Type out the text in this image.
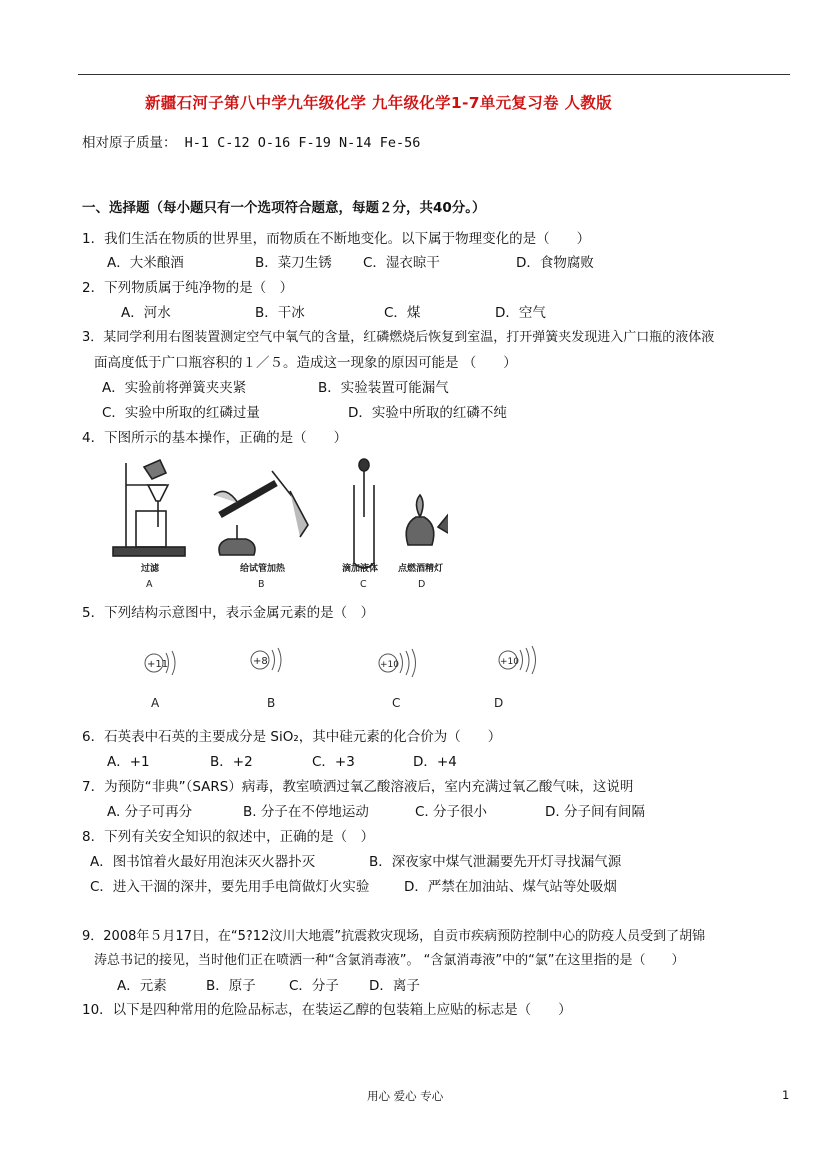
新疆石河子第八中学九年级化学 九年级化学1-7单元复习卷 人教版
相对原子质量： H-1 C-12 O-16 F-19 N-14 Fe-56
一、选择题（每小题只有一个选项符合题意，每题２分，共40分。）
1．我们生活在物质的世界里，而物质在不断地变化。以下属于物理变化的是（　　）
A．大米酿酒	B．菜刀生锈 C．湿衣晾干	D．食物腐败
2．下列物质属于纯净物的是（　）
A．河水	B．干冰	C．煤	D．空气
3．某同学利用右图装置测定空气中氧气的含量，红磷燃烧后恢复到室温，打开弹簧夹发现进入广口瓶的液体液
面高度低于广口瓶容积的１／５。造成这一现象的原因可能是 （　　）
A．实验前将弹簧夹夹紧	B．实验装置可能漏气
C．实验中所取的红磷过量	D．实验中所取的红磷不纯
4．下图所示的基本操作，正确的是（　　）
过滤
A
给试管加热
B
滴加液体
C
点燃酒精灯
D
5．下列结构示意图中，表示金属元素的是（　）
+11	+8	+10	+10
A	B	C	D
6．石英表中石英的主要成分是 SiO₂，其中硅元素的化合价为（　　）
A．+1	B．+2	C．+3	D．+4
7．为预防“非典”（SARS）病毒，教室喷洒过氧乙酸溶液后，室内充满过氧乙酸气味，这说明
A. 分子可再分	B. 分子在不停地运动	C. 分子很小	D. 分子间有间隔
8．下列有关安全知识的叙述中，正确的是（　）
A．图书馆着火最好用泡沫灭火器扑灭	B．深夜家中煤气泄漏要先开灯寻找漏气源
C．进入干涸的深井，要先用手电筒做灯火实验	D．严禁在加油站、煤气站等处吸烟
9．2008年５月17日，在“5?12汶川大地震”抗震救灾现场，自贡市疾病预防控制中心的防疫人员受到了胡锦
涛总书记的接见，当时他们正在喷洒一种“含氯消毒液”。 “含氯消毒液”中的“氯”在这里指的是（　　）
A．元素	B．原子 C．分子 D．离子
10．以下是四种常用的危险品标志，在装运乙醇的包装箱上应贴的标志是（　　）
用心 爱心 专心	1
